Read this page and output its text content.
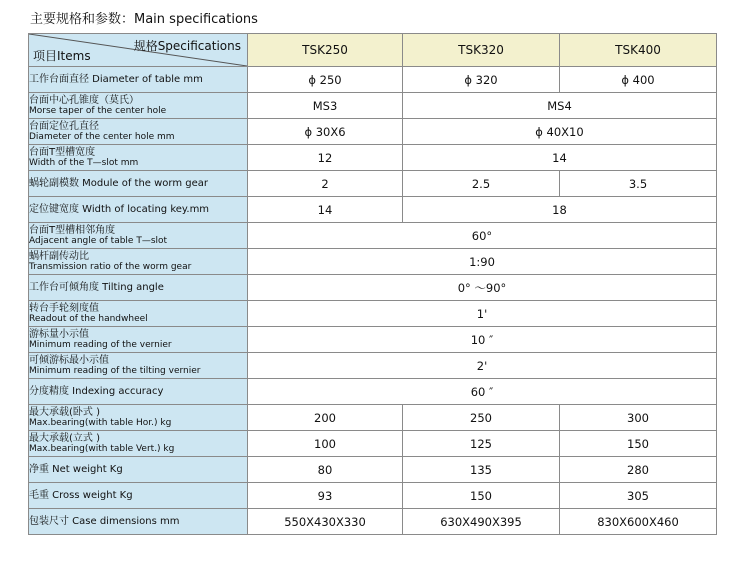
主要规格和参数：Main specifications
规格Specifications
项目Items	TSK250	TSK320	TSK400

工作台面直径 Diameter of table mm	ϕ 250	ϕ 320	ϕ 400

台面中心孔锥度（莫氏）
Morse taper of the center hole	MS3	MS4	

台面定位孔直径
Diameter of the center hole mm	ϕ 30X6	ϕ 40X10	

台面T型槽宽度
Width of the T—slot mm	12	14	

蜗轮副模数 Module of the worm gear	2	2.5	3.5

定位键宽度 Width of locating key.mm	14	18	

台面T型槽相邻角度
Adjacent angle of table T—slot	60°		

蜗杆副传动比
Transmission ratio of the worm gear	1:90		

工作台可倾角度 Tilting angle	0° ～90°		

转台手轮刻度值
Readout of the handwheel	1'		

游标量小示值
Minimum reading of the vernier	10 ″		

可倾游标最小示值
Minimum reading of the tilting vernier	2'		

分度精度 Indexing accuracy	60 ″		

最大承载(卧式 )
Max.bearing(with table Hor.) kg	200	250	300

最大承载(立式 )
Max.bearing(with table Vert.) kg	100	125	150

净重 Net weight Kg	80	135	280

毛重 Cross weight Kg	93	150	305

包装尺寸 Case dimensions mm	550X430X330	630X490X395	830X600X460
